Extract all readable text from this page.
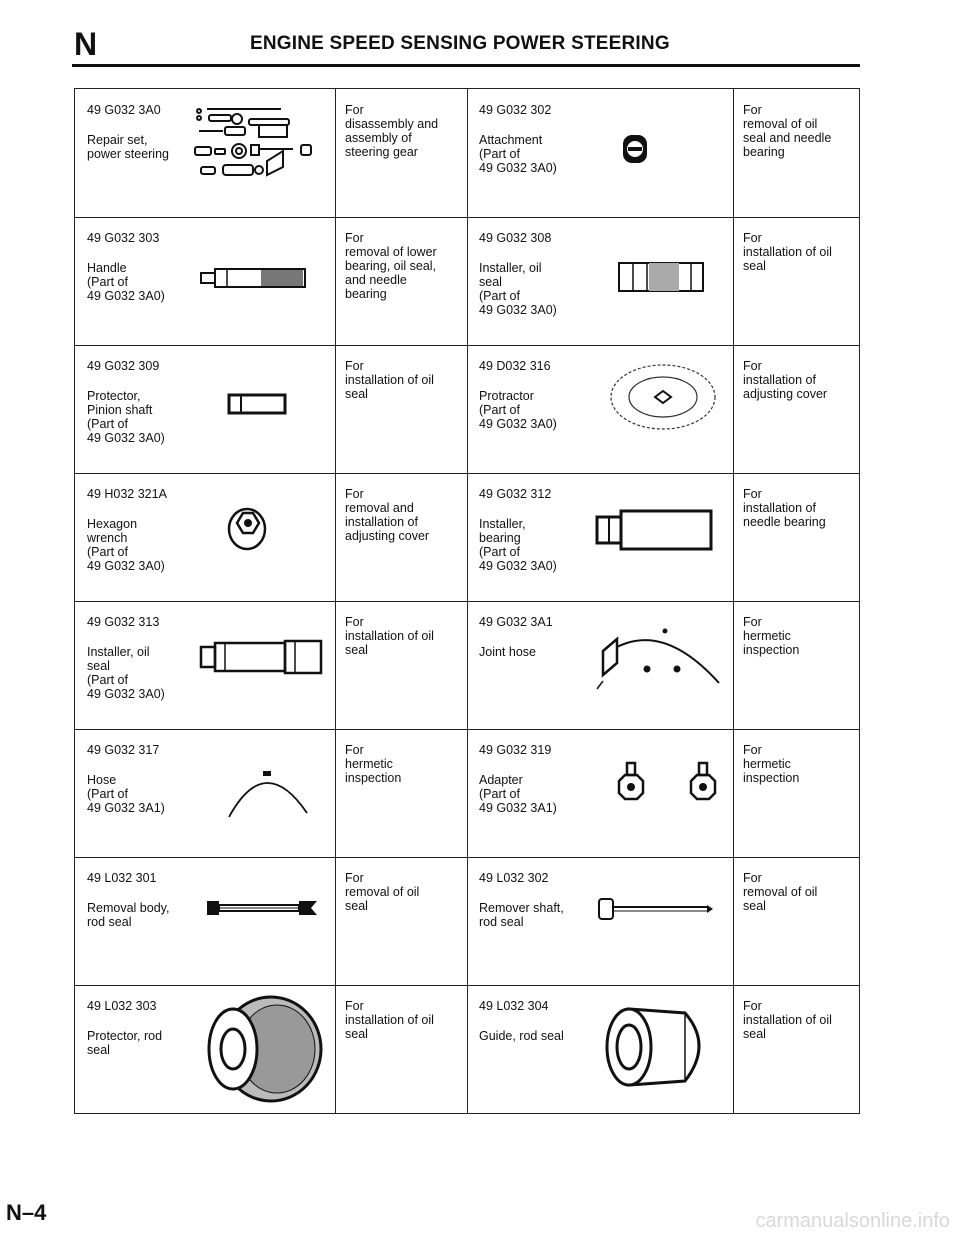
N	ENGINE SPEED SENSING POWER STEERING
49 G032 3A0
Repair set,
power steering
For
disassembly and
assembly of
steering gear
49 G032 302
Attachment
(Part of
49 G032 3A0)
For
removal of oil
seal and needle
bearing
49 G032 303
Handle
(Part of
49 G032 3A0)
For
removal of lower
bearing, oil seal,
and needle
bearing
49 G032 308
Installer, oil
seal
(Part of
49 G032 3A0)
For
installation of oil
seal
49 G032 309
Protector,
Pinion shaft
(Part of
49 G032 3A0)
For
installation of oil
seal
49 D032 316
Protractor
(Part of
49 G032 3A0)
For
installation of
adjusting cover
49 H032 321A
Hexagon
wrench
(Part of
49 G032 3A0)
For
removal and
installation of
adjusting cover
49 G032 312
Installer,
bearing
(Part of
49 G032 3A0)
For
installation of
needle bearing
49 G032 313
Installer, oil
seal
(Part of
49 G032 3A0)
For
installation of oil
seal
49 G032 3A1
Joint hose
For
hermetic
inspection
49 G032 317
Hose
(Part of
49 G032 3A1)
For
hermetic
inspection
49 G032 319
Adapter
(Part of
49 G032 3A1)
For
hermetic
inspection
49 L032 301
Removal body,
rod seal
For
removal of oil
seal
49 L032 302
Remover shaft,
rod seal
For
removal of oil
seal
49 L032 303
Protector, rod
seal
For
installation of oil
seal
49 L032 304
Guide, rod seal
For
installation of oil
seal
N–4	carmanualsonline.info
